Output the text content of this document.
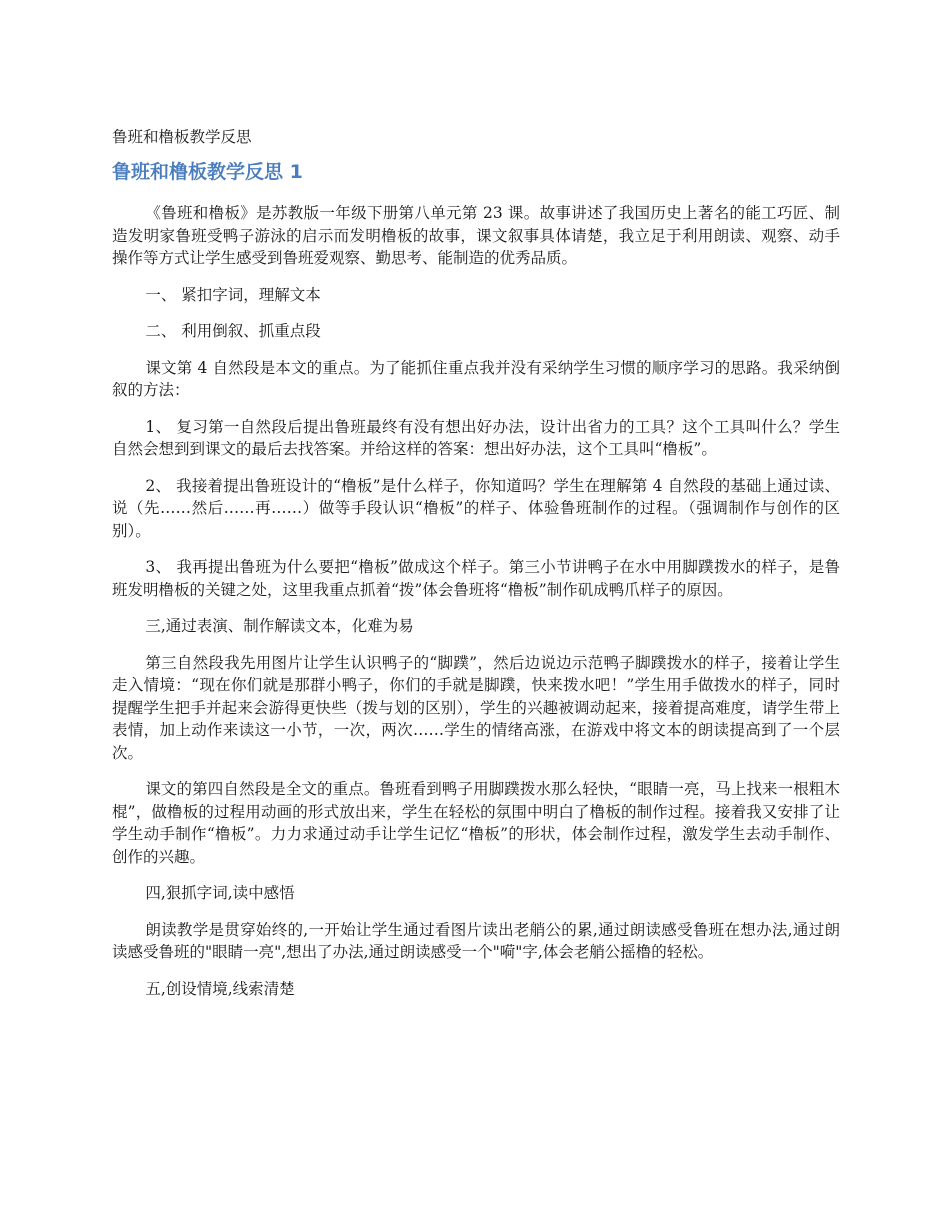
鲁班和橹板教学反思
鲁班和橹板教学反思 1

《鲁班和橹板》是苏教版一年级下册第八单元第 23 课。故事讲述了我国历史上著名的能工巧匠、制造发明家鲁班受鸭子游泳的启示而发明橹板的故事，课文叙事具体请楚，我立足于利用朗读、观察、动手操作等方式让学生感受到鲁班爱观察、勤思考、能制造的优秀品质。

一、 紧扣字词，理解文本

二、 利用倒叙、抓重点段

课文第 4 自然段是本文的重点。为了能抓住重点我并没有采纳学生习惯的顺序学习的思路。我采纳倒叙的方法：

1、 复习第一自然段后提出鲁班最终有没有想出好办法，设计出省力的工具？这个工具叫什么？学生自然会想到到课文的最后去找答案。并给这样的答案：想出好办法，这个工具叫“橹板”。

2、 我接着提出鲁班设计的“橹板”是什么样子，你知道吗？学生在理解第 4 自然段的基础上通过读、说（先……然后……再……）做等手段认识“橹板”的样子、体验鲁班制作的过程。（强调制作与创作的区别）。

3、 我再提出鲁班为什么要把“橹板”做成这个样子。第三小节讲鸭子在水中用脚蹼拨水的样子，是鲁班发明橹板的关键之处，这里我重点抓着“拨”体会鲁班将“橹板”制作矶成鸭爪样子的原因。

三,通过表演、制作解读文本，化难为易

第三自然段我先用图片让学生认识鸭子的“脚蹼”，然后边说边示范鸭子脚蹼拨水的样子，接着让学生走入情境：“现在你们就是那群小鸭子，你们的手就是脚蹼，快来拨水吧！”学生用手做拨水的样子，同时提醒学生把手并起来会游得更快些（拨与划的区别），学生的兴趣被调动起来，接着提高难度，请学生带上表情，加上动作来读这一小节，一次，两次……学生的情绪高涨，在游戏中将文本的朗读提高到了一个层次。

课文的第四自然段是全文的重点。鲁班看到鸭子用脚蹼拨水那么轻快，“眼睛一亮，马上找来一根粗木棍”，做橹板的过程用动画的形式放出来，学生在轻松的氛围中明白了橹板的制作过程。接着我又安排了让学生动手制作“橹板”。力力求通过动手让学生记忆“橹板”的形状，体会制作过程，激发学生去动手制作、创作的兴趣。

四,狠抓字词,读中感悟

朗读教学是贯穿始终的,一开始让学生通过看图片读出老艄公的累,通过朗读感受鲁班在想办法,通过朗读感受鲁班的"眼睛一亮",想出了办法,通过朗读感受一个"嗬"字,体会老艄公摇橹的轻松。

五,创设情境,线索清楚
